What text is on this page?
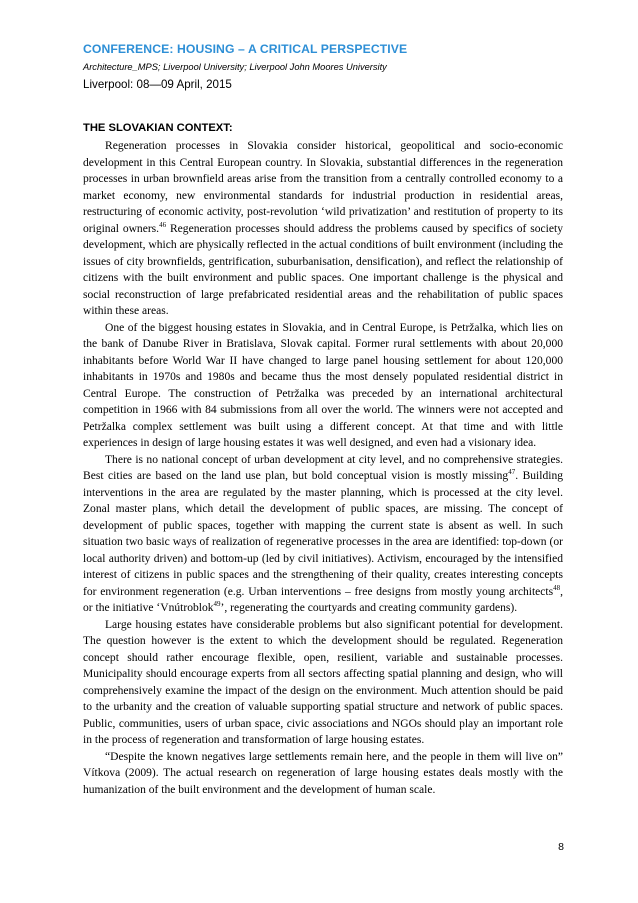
CONFERENCE: HOUSING – A CRITICAL PERSPECTIVE
Architecture_MPS; Liverpool University; Liverpool John Moores University
Liverpool: 08—09 April, 2015
THE SLOVAKIAN CONTEXT:

Regeneration processes in Slovakia consider historical, geopolitical and socio-economic development in this Central European country. In Slovakia, substantial differences in the regeneration processes in urban brownfield areas arise from the transition from a centrally controlled economy to a market economy, new environmental standards for industrial production in residential areas, restructuring of economic activity, post-revolution ‘wild privatization’ and restitution of property to its original owners.$^{46}$ Regeneration processes should address the problems caused by specifics of society development, which are physically reflected in the actual conditions of built environment (including the issues of city brownfields, gentrification, suburbanisation, densification), and reflect the relationship of citizens with the built environment and public spaces. One important challenge is the physical and social reconstruction of large prefabricated residential areas and the rehabilitation of public spaces within these areas.

One of the biggest housing estates in Slovakia, and in Central Europe, is Petržalka, which lies on the bank of Danube River in Bratislava, Slovak capital. Former rural settlements with about 20,000 inhabitants before World War II have changed to large panel housing settlement for about 120,000 inhabitants in 1970s and 1980s and became thus the most densely populated residential district in Central Europe. The construction of Petržalka was preceded by an international architectural competition in 1966 with 84 submissions from all over the world. The winners were not accepted and Petržalka complex settlement was built using a different concept. At that time and with little experiences in design of large housing estates it was well designed, and even had a visionary idea.

There is no national concept of urban development at city level, and no comprehensive strategies. Best cities are based on the land use plan, but bold conceptual vision is mostly missing$^{47}$. Building interventions in the area are regulated by the master planning, which is processed at the city level. Zonal master plans, which detail the development of public spaces, are missing. The concept of development of public spaces, together with mapping the current state is absent as well. In such situation two basic ways of realization of regenerative processes in the area are identified: top-down (or local authority driven) and bottom-up (led by civil initiatives). Activism, encouraged by the intensified interest of citizens in public spaces and the strengthening of their quality, creates interesting concepts for environment regeneration (e.g. Urban interventions – free designs from mostly young architects$^{48}$, or the initiative ‘Vnútroblok$^{49}$’, regenerating the courtyards and creating community gardens).

Large housing estates have considerable problems but also significant potential for development. The question however is the extent to which the development should be regulated. Regeneration concept should rather encourage flexible, open, resilient, variable and sustainable processes. Municipality should encourage experts from all sectors affecting spatial planning and design, who will comprehensively examine the impact of the design on the environment. Much attention should be paid to the urbanity and the creation of valuable supporting spatial structure and network of public spaces. Public, communities, users of urban space, civic associations and NGOs should play an important role in the process of regeneration and transformation of large housing estates.

“Despite the known negatives large settlements remain here, and the people in them will live on” Vítkova (2009). The actual research on regeneration of large housing estates deals mostly with the humanization of the built environment and the development of human scale.

8
